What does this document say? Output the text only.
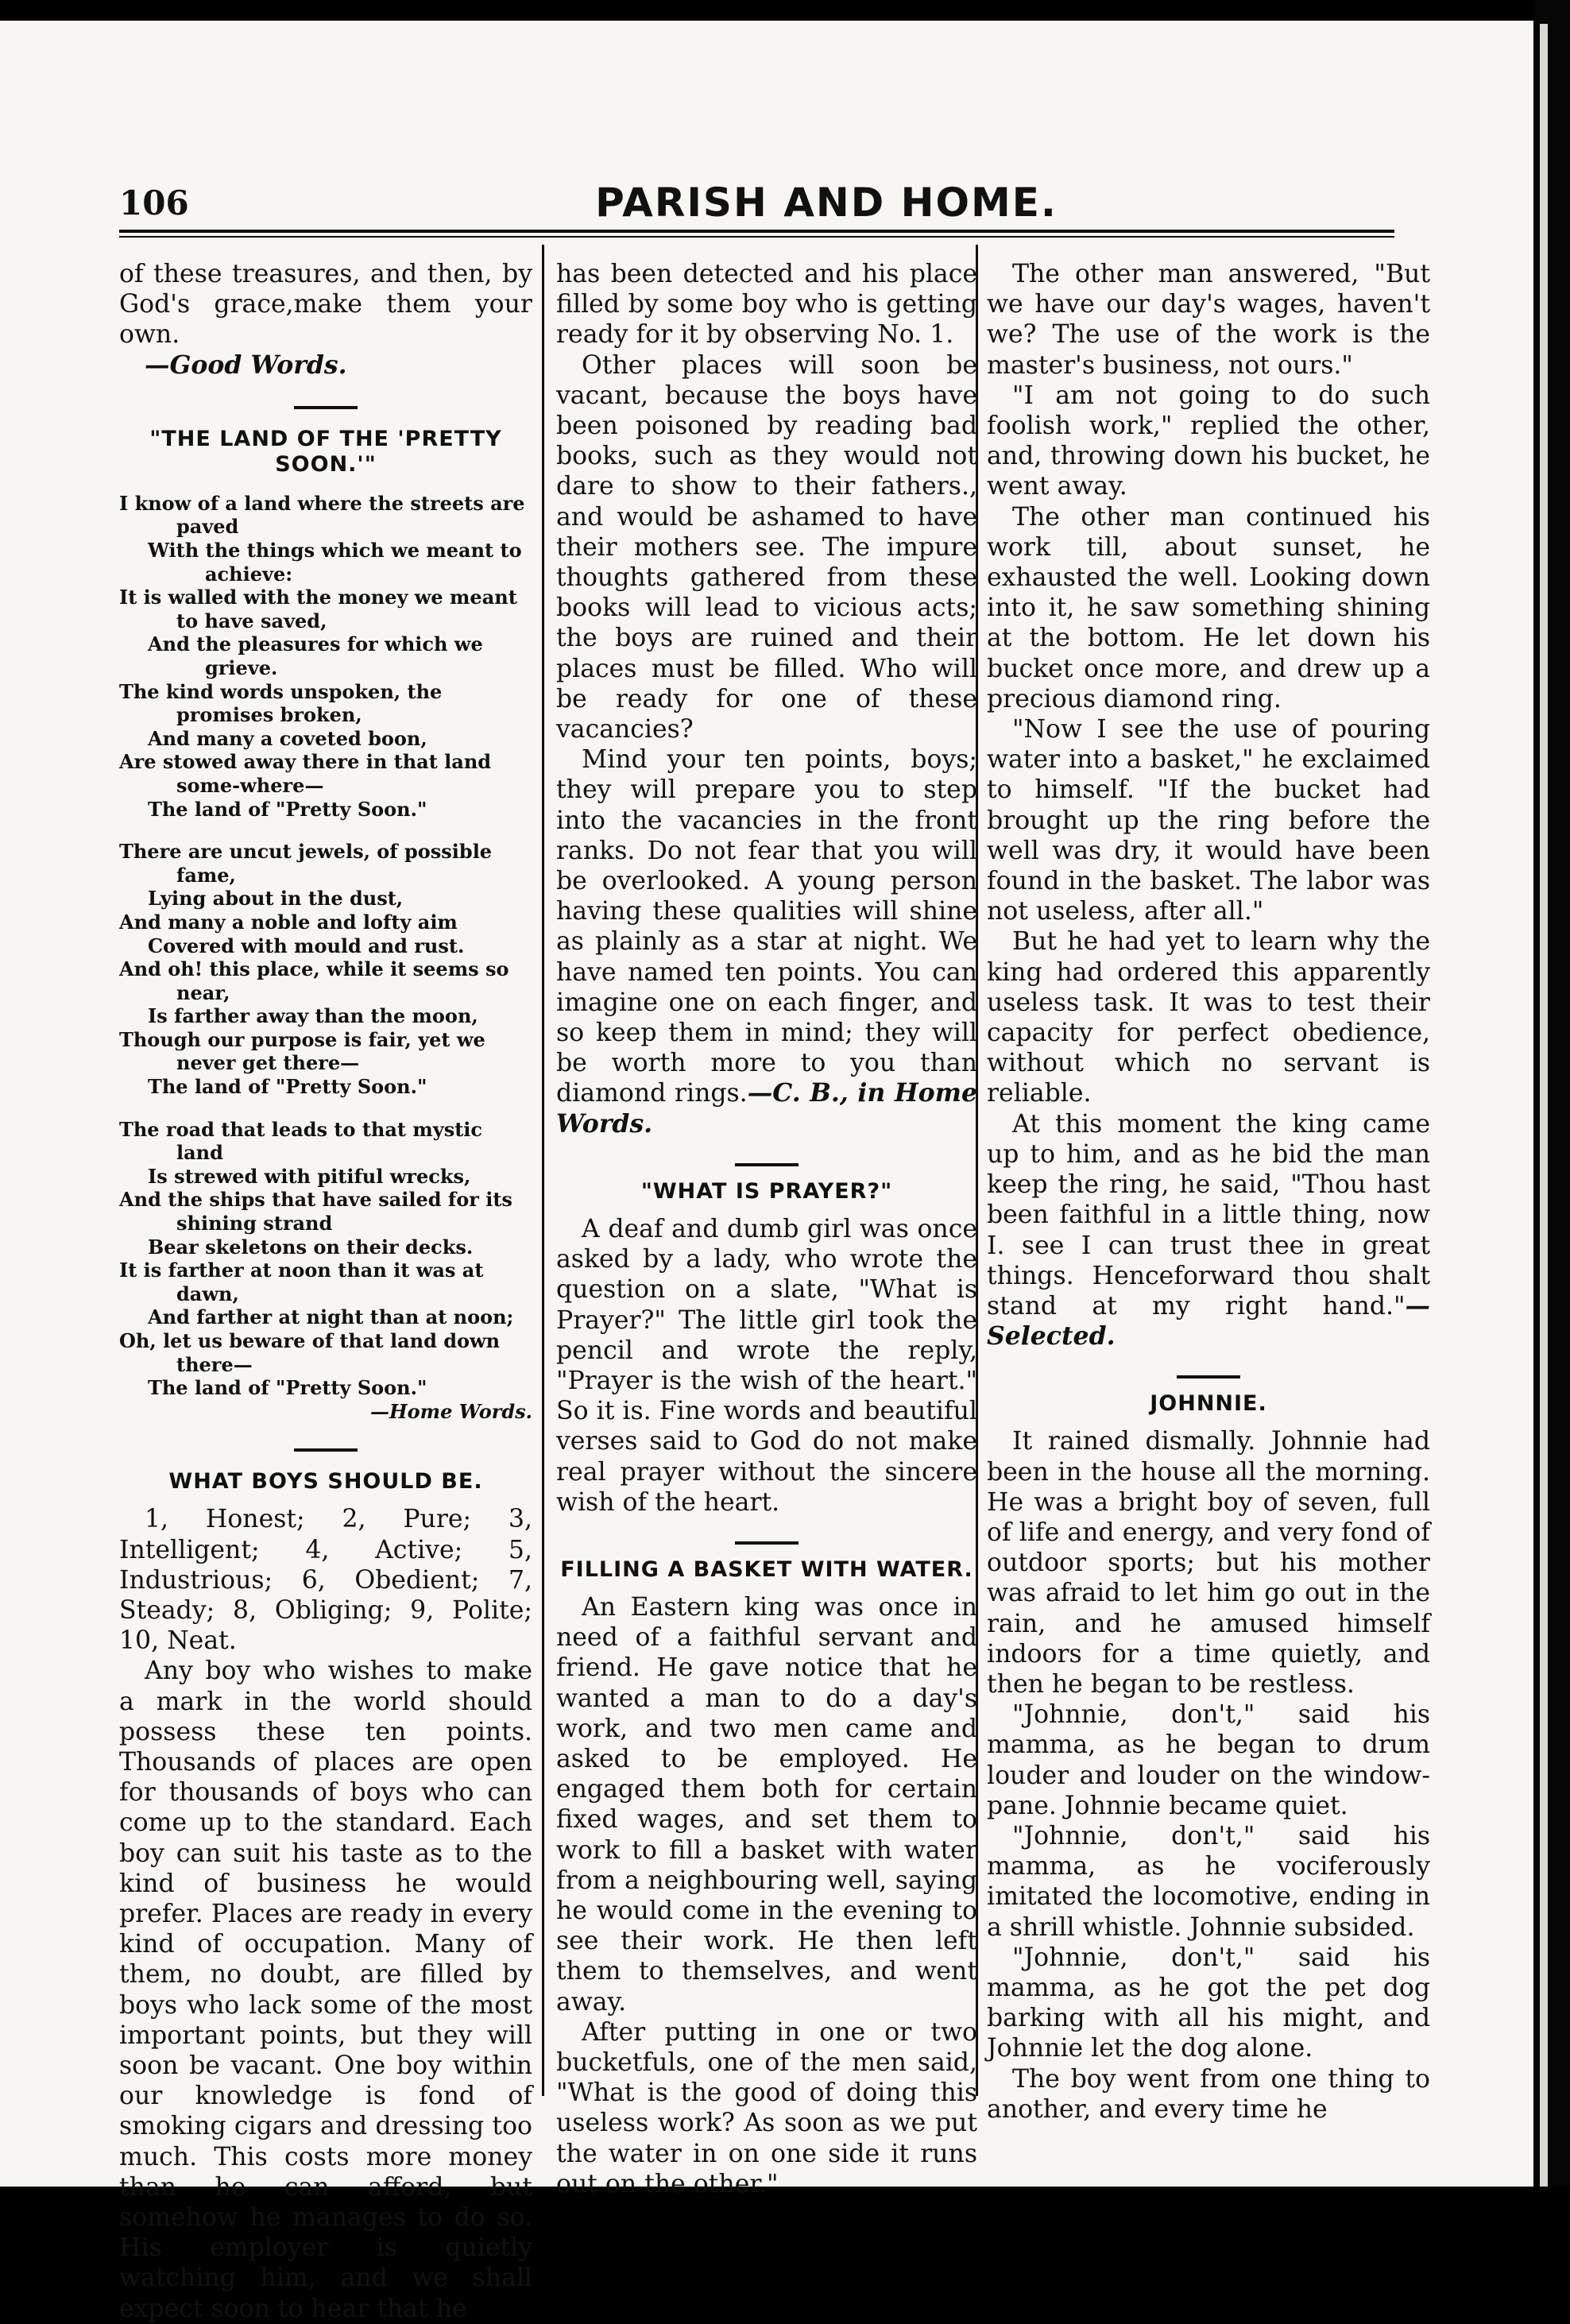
106	PARISH AND HOME.

of these treasures, and then, by God's grace,make them your own.

—Good Words.

"THE LAND OF THE 'PRETTY SOON.'"
I know of a land where the streets are paved
With the things which we meant to achieve:
It is walled with the money we meant to have saved,
And the pleasures for which we grieve.
The kind words unspoken, the promises broken,
And many a coveted boon,
Are stowed away there in that land some-where—
The land of "Pretty Soon."
There are uncut jewels, of possible fame,
Lying about in the dust,
And many a noble and lofty aim
Covered with mould and rust.
And oh! this place, while it seems so near,
Is farther away than the moon,
Though our purpose is fair, yet we never get there—
The land of "Pretty Soon."
The road that leads to that mystic land
Is strewed with pitiful wrecks,
And the ships that have sailed for its shining strand
Bear skeletons on their decks.
It is farther at noon than it was at dawn,
And farther at night than at noon;
Oh, let us beware of that land down there—
The land of "Pretty Soon."
—Home Words.
WHAT BOYS SHOULD BE.

1, Honest; 2, Pure; 3, Intelligent; 4, Active; 5, Industrious; 6, Obedient; 7, Steady; 8, Obliging; 9, Polite; 10, Neat.

Any boy who wishes to make a mark in the world should possess these ten points. Thousands of places are open for thousands of boys who can come up to the standard. Each boy can suit his taste as to the kind of business he would prefer. Places are ready in every kind of occupation. Many of them, no doubt, are filled by boys who lack some of the most important points, but they will soon be vacant. One boy within our knowledge is fond of smoking cigars and dressing too much. This costs more money than he can afford, but somehow he manages to do so. His employer is quietly watching him, and we shall expect soon to hear that he

has been detected and his place filled by some boy who is getting ready for it by observing No. 1.

Other places will soon be vacant, because the boys have been poisoned by reading bad books, such as they would not dare to show to their fathers., and would be ashamed to have their mothers see. The impure thoughts gathered from these books will lead to vicious acts; the boys are ruined and their places must be filled. Who will be ready for one of these vacancies?

Mind your ten points, boys; they will prepare you to step into the vacancies in the front ranks. Do not fear that you will be overlooked. A young person having these qualities will shine as plainly as a star at night. We have named ten points. You can imagine one on each finger, and so keep them in mind; they will be worth more to you than diamond rings.—C. B., in Home Words.

"WHAT IS PRAYER?"

A deaf and dumb girl was once asked by a lady, who wrote the question on a slate, "What is Prayer?" The little girl took the pencil and wrote the reply, "Prayer is the wish of the heart." So it is. Fine words and beautiful verses said to God do not make real prayer without the sincere wish of the heart.

FILLING A BASKET WITH WATER.

An Eastern king was once in need of a faithful servant and friend. He gave notice that he wanted a man to do a day's work, and two men came and asked to be employed. He engaged them both for certain fixed wages, and set them to work to fill a basket with water from a neighbouring well, saying he would come in the evening to see their work. He then left them to themselves, and went away.

After putting in one or two bucketfuls, one of the men said, "What is the good of doing this useless work? As soon as we put the water in on one side it runs out on the other."

The other man answered, "But we have our day's wages, haven't we? The use of the work is the master's business, not ours."

"I am not going to do such foolish work," replied the other, and, throwing down his bucket, he went away.

The other man continued his work till, about sunset, he exhausted the well. Looking down into it, he saw something shining at the bottom. He let down his bucket once more, and drew up a precious diamond ring.

"Now I see the use of pouring water into a basket," he exclaimed to himself. "If the bucket had brought up the ring before the well was dry, it would have been found in the basket. The labor was not useless, after all."

But he had yet to learn why the king had ordered this apparently useless task. It was to test their capacity for perfect obedience, without which no servant is reliable.

At this moment the king came up to him, and as he bid the man keep the ring, he said, "Thou hast been faithful in a little thing, now I. see I can trust thee in great things. Henceforward thou shalt stand at my right hand."—Selected.

JOHNNIE.

It rained dismally. Johnnie had been in the house all the morning. He was a bright boy of seven, full of life and energy, and very fond of outdoor sports; but his mother was afraid to let him go out in the rain, and he amused himself indoors for a time quietly, and then he began to be restless.

"Johnnie, don't," said his mamma, as he began to drum louder and louder on the window-pane. Johnnie became quiet.

"Johnnie, don't," said his mamma, as he vociferously imitated the locomotive, ending in a shrill whistle. Johnnie subsided.

"Johnnie, don't," said his mamma, as he got the pet dog barking with all his might, and Johnnie let the dog alone.

The boy went from one thing to another, and every time he
